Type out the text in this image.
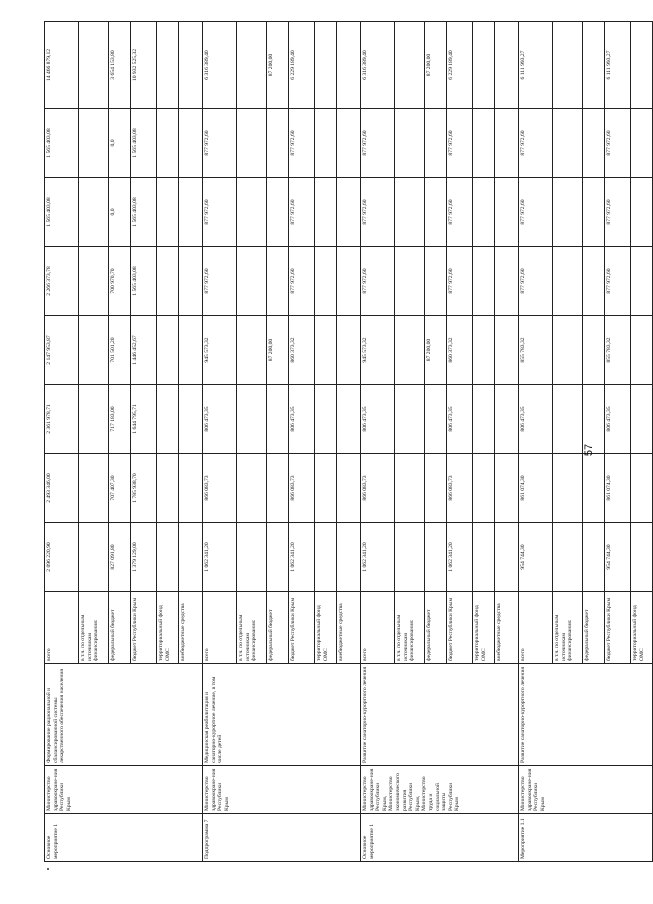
Основное мероприятие 1	Министерство здравоохране-ния Республики Крым	Формирование рациональной и сбалансированной системы лекарственного обеспечения населения	всего	2 096 220,90	2 493 346,00	2 361 978,71	2 147 953,87	2 266 373,78	1 565 403,08	1 565 403,08	14 466 879,12
			в т.ч. по отдельным источникам финансирования:								
			федеральный бюджет	827 091,80	707 407,30	717 183,00	701 501,20	700 970,70	0,0	0,0	3 654 153,80
			бюджет Республики Крым	1 379 129,00	1 785 938,70	1 644 795,71	1 446 452,67	1 565 403,08	1 565 403,08	1 565 403,08	10 932 525,32
			территориальный фонд ОМС								
			внебюджетные средства								
Подпрограмма 7	Министерство здравоохране-ния Республики Крым	Медицинская реабилитация и санаторно-курортное лечение, в том числе детей	всего	1 062 341,20	866 083,73	806 473,35	945 573,32	877 972,60	877 972,60	877 972,60	6 316 389,40
			в т.ч. по отдельным источникам финансирования:								
			федеральный бюджет				87 200,00				87 200,00
			бюджет Республики Крым	1 062 341,20	866 083,73	806 473,35	860 373,32	877 972,60	877 972,60	877 972,60	6 229 189,40
			территориальный фонд ОМС								
			внебюджетные средства								
Основное мероприятие 1	Министерство здравоохране-ния Республики Крым, Министерство экономического развития Республики Крым, Министерство труда и социальной защиты Республики Крым	Развитие санаторно-курортного лечения	всего	1 062 341,20	866 083,73	806 473,35	945 573,32	877 972,60	877 972,60	877 972,60	6 316 389,40
			в т.ч. по отдельным источникам финансирования:								
			федеральный бюджет				87 200,00				87 200,00
			бюджет Республики Крым	1 062 341,20	866 083,73	806 473,35	860 373,32	877 972,60	877 972,60	877 972,60	6 229 189,40
			территориальный фонд ОМС								
			внебюджетные средства								
Мероприятие 1.1	Министерство здравоохране-ния Республики Крым	Развитие санаторно-курортного лечения	всего	954 744,30	861 074,30	806 473,35	855 783,32	877 972,60	877 972,60	877 972,60	6 111 993,27
			в т.ч. по отдельным источникам финансирования:								
			федеральный бюджет								
			бюджет Республики Крым	954 744,30	861 074,30	806 473,35	855 783,32	877 972,60	877 972,60	877 972,60	6 111 993,27
			территориальный фонд ОМС								
57
